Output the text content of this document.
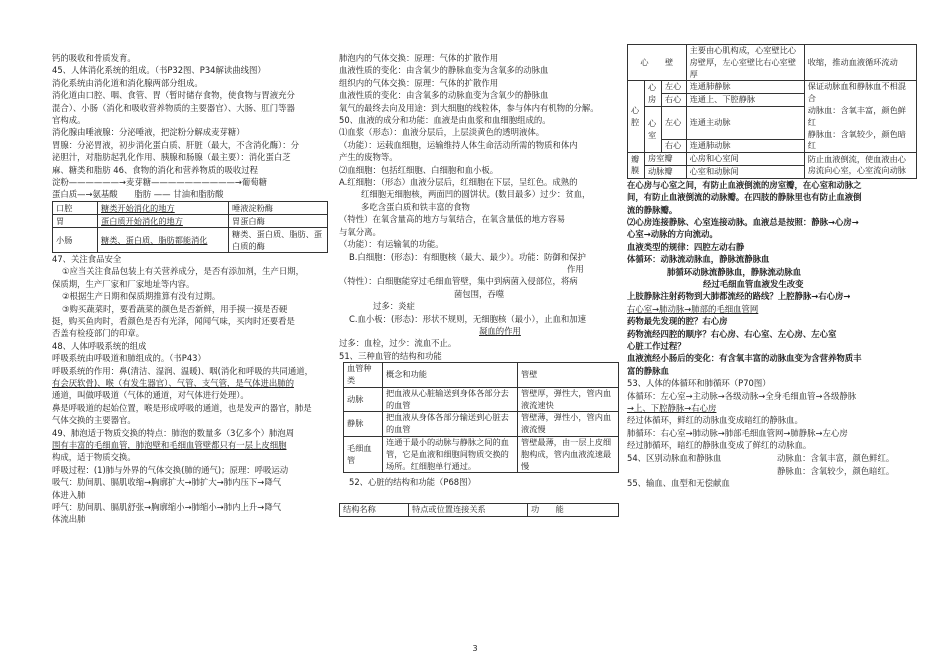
钙的吸收和骨质发育。
45、人体消化系统的组成。（书P32图、P34解读曲线图）
消化系统由消化道和消化腺两部分组成。
消化道由口腔、咽、食管、胃（暂时储存食物，使食物与胃液充分
混合）、小肠（消化和吸收营养物质的主要器官）、大肠、肛门等器
官构成。
消化腺由唾液腺：分泌唾液，把淀粉分解成麦芽糖）
胃腺：分泌胃液，初步消化蛋白质、肝脏（最大，不含消化酶）：分
泌胆汁，对脂肪起乳化作用、胰腺和肠腺（最主要）：消化蛋白芝
麻、糖类和脂肪 46、食物的消化和营养物质的吸收过程
淀粉——————→麦芽糖——————————→葡萄糖
蛋白质—→氨基酸　　脂肪 —— 甘油和脂肪酸
口腔	糖类开始消化的地方	唾液淀粉酶
胃	蛋白质开始消化的地方	胃蛋白酶
小肠	糖类、蛋白质、脂肪都能消化	糖类、蛋白质、脂肪、蛋白质的酶
47、关注食品安全
①应当关注食品包装上有关营养成分，是否有添加剂，生产日期，
保质期，生产厂家和厂家地址等内容。
②根据生产日期和保质期推算有没有过期。
③购买蔬菜时，要看蔬菜的颜色是否新鲜，用手摸一摸是否硬
挺，购买鱼肉时，看颜色是否有光泽，闻闻气味，买肉时还要看是
否盖有检疫部门的印章。
48、人体呼吸系统的组成
呼吸系统由呼吸道和肺组成的。（书P43）
呼吸系统的作用：鼻(清洁、湿润、温暖)、咽(消化和呼吸的共同通道，
有会厌软骨)、喉（有发生器官）、气管、支气管，是气体进出肺的
通道，叫做呼吸道（气体的通道，对气体进行处理）。
鼻是呼吸道的起始位置，喉是形成呼吸的通道，也是发声的器官，肺是
气体交换的主要器官。
49、肺泡适于物质交换的特点：肺泡的数量多（3亿多个）肺泡周
围有丰富的毛细血管，肺泡壁和毛细血管壁都只有一层上皮细胞
构成，适于物质交换。
呼吸过程：(1)肺与外界的气体交换(肺的通气)；原理：呼吸运动
吸气：肋间肌、膈肌收缩→胸廓扩大→肺扩大→肺内压下→降气
体进入肺
呼气：肋间肌、膈肌舒张→胸廓缩小→肺缩小→肺内上升→降气
体流出肺
肺泡内的气体交换：原理：气体的扩散作用
血液性质的变化：由含氧少的静脉血变为含氧多的动脉血
组织内的气体交换：原理：气体的扩散作用
血液性质的变化：由含氧多的动脉血变为含氧少的静脉血
氧气的最终去向及用途：到大细胞的线粒体，参与体内有机物的分解。
50、血液的成分和功能：血液是由血浆和血细胞组成的。
⑴血浆（形态）：血液分层后，上层淡黄色的透明液体。
（功能）：运载血细胞，运输维持人体生命活动所需的物质和体内
产生的废物等。
⑵血细胞：包括红细胞、白细胞和血小板。
A.红细胞：（形态）血液分层后，红细胞在下层，呈红色。成熟的
红细胞无细胞核，两面凹的圆饼状。(数目最多）过少：贫血，
多吃含蛋白质和铁丰富的食物
（特性）在氧含量高的地方与氧结合，在氧含量低的地方容易
与氧分离。
（功能）：有运输氧的功能。
B.白细胞：(形态)：有细胞核（最大、最少）。功能：防御和保护
作用
（特性）：白细胞能穿过毛细血管壁，集中到病菌入侵部位，将病
菌包围，吞噬
过多：炎症
C.血小板：(形态)：形状不规则，无细胞核（最小），止血和加速
凝血的作用
过多：血栓，过少：流血不止。
51、三种血管的结构和功能
血管种类	概念和功能	管壁
动脉	把血液从心脏输送到身体各部分去的血管	管壁厚，弹性大，管内血液流速快
静脉	把血液从身体各部分输送到心脏去的血管	管壁薄，弹性小，管内血液流慢
毛细血管	连通于最小的动脉与静脉之间的血管，它是血液和细胞间物质交换的场所。红细胞单行通过。	管壁最薄，由一层上皮细胞构成，管内血液流速最慢
52、心脏的结构和功能（P68图）
结构名称	特点或位置连接关系	功　　能
心　　壁			主要由心肌构成，心室壁比心房壁厚，左心室壁比右心室壁厚	收缩，推动血液循环流动
心腔	心房	左心	连通肺静脉	保证动脉血和静脉血不相混合
动脉血：含氧丰富，颜色鲜红
静脉血：含氧较少，颜色暗红

		右心	连通上、下腔静脉	
	心室	左心	连通主动脉	
		右心	连通肺动脉	
瓣膜	房室瓣		心房和心室间	防止血液倒流，使血液由心房流向心室，心室流向动脉
	动脉瓣		心室和动脉间	
在心房与心室之间，有防止血液倒流的房室瓣，在心室和动脉之
间，有防止血液倒流的动脉瓣。在四肢的静脉里也有防止血液倒
流的静脉瓣。
⑵心房连接静脉、心室连接动脉。血液总是按照：静脉→心房→
心室→动脉的方向流动。
血液类型的规律：四腔左动右静
体循环：动脉流动脉血，静脉流静脉血
肺循环动脉流静脉血，静脉流动脉血
经过毛细血管血液发生改变
上肢静脉注射药物到大肺都流经的路线？上腔静脉→右心房→
右心室→肺动脉→肺部的毛细血管网
药物最先发现的腔？右心房
药物流经四腔的顺序？右心房、右心室、左心房、左心室
心脏工作过程？
血液流经小肠后的变化：有含氧丰富的动脉血变为含营养物质丰
富的静脉血
53、人体的体循环和肺循环（P70图）
体循环：左心室→主动脉→各级动脉→全身毛细血管→各级静脉
→上、下腔静脉→右心房
经过体循环，鲜红的动脉血变成暗红的静脉血。
肺循环：右心室→肺动脉→肺部毛细血管网→肺静脉→左心房
经过肺循环，暗红的静脉血变成了鲜红的动脉血。
54、区别动脉血和静脉血	动脉血：含氧丰富，颜色鲜红。
静脉血：含氧较少，颜色暗红。
55、输血、血型和无偿献血
3
